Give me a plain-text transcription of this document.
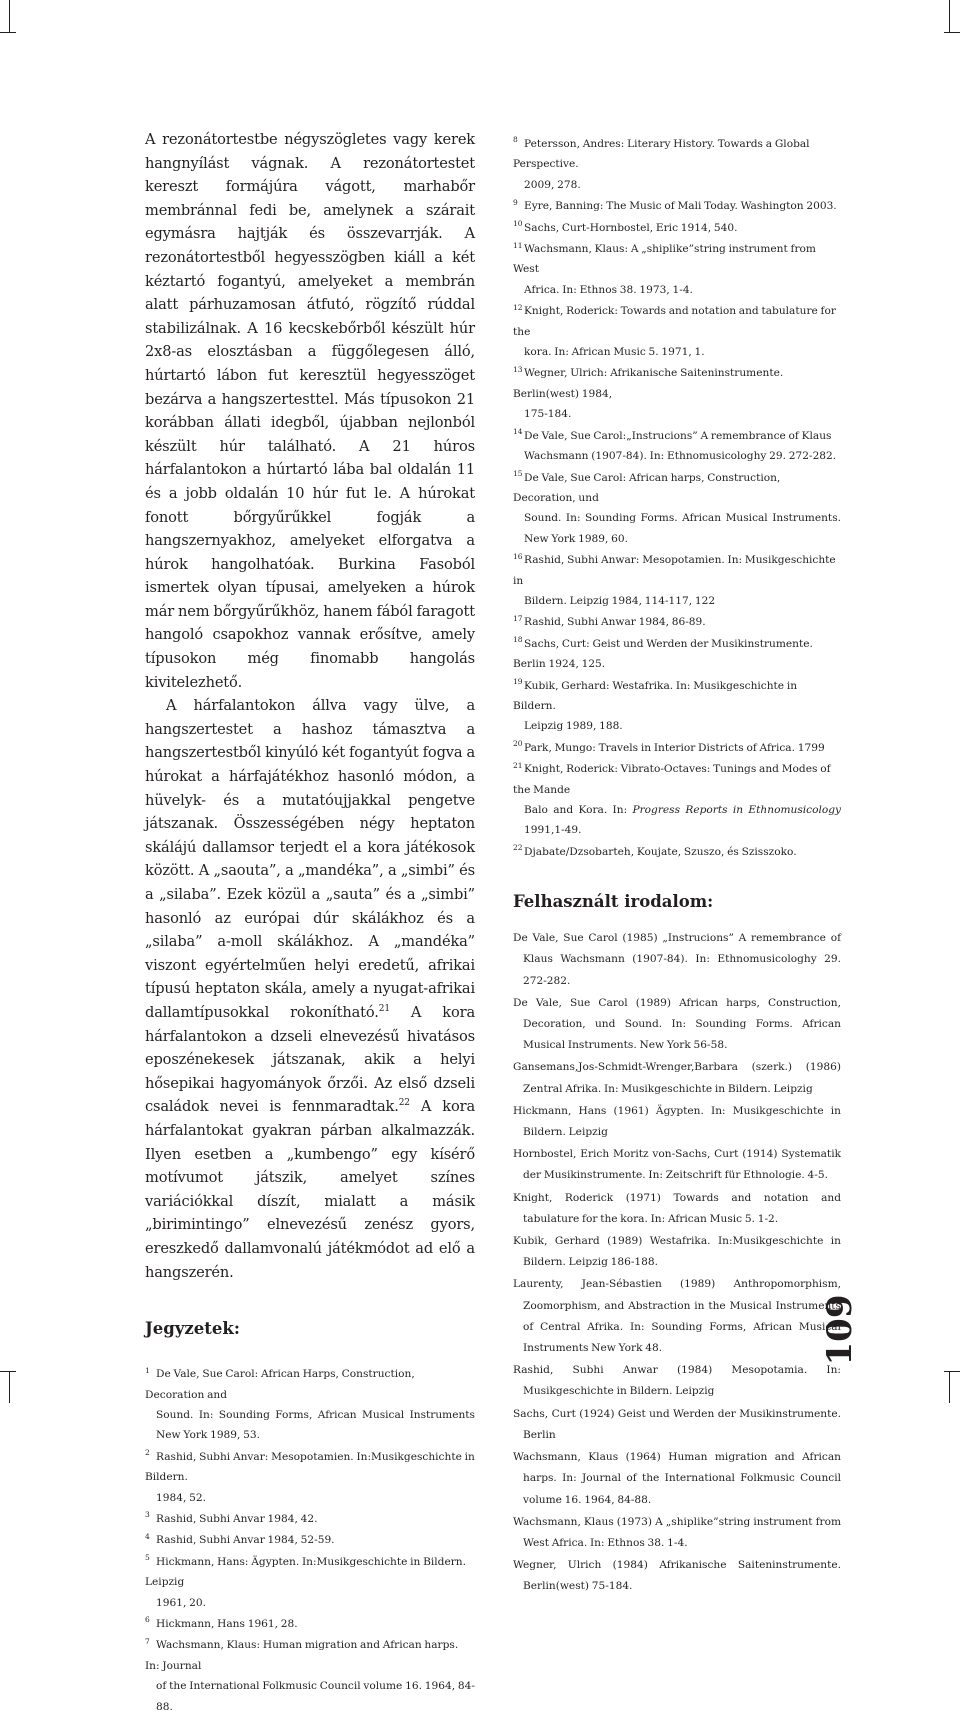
A rezonátortestbe négyszögletes vagy kerek hangnyílást vágnak. A rezonátortestet kereszt formájúra vágott, marhabőr membránnal fedi be, amelynek a szárait egymásra hajtják és összevarrják. A rezonátortestből hegyesszögben kiáll a két kéztartó fogantyú, amelyeket a membrán alatt párhuzamosan átfutó, rögzítő rúddal stabilizálnak. A 16 kecskebőrből készült húr 2x8-as elosztásban a függőlegesen álló, húrtartó lábon fut keresztül hegyesszöget bezárva a hangszertesttel. Más típusokon 21 korábban állati idegből, újabban nejlonból készült húr található. A 21 húros hárfalantokon a húrtartó lába bal oldalán 11 és a jobb oldalán 10 húr fut le. A húrokat fonott bőrgyűrűkkel fogják a hangszernyakhoz, amelyeket elforgatva a húrok hangolhatóak. Burkina Fasoból ismertek olyan típusai, amelyeken a húrok már nem bőrgyűrűkhöz, hanem fából faragott hangoló csapokhoz vannak erősítve, amely típusokon még finomabb hangolás kivitelezhető.

A hárfalantokon állva vagy ülve, a hangszertestet a hashoz támasztva a hangszertestből kinyúló két fogantyút fogva a húrokat a hárfajátékhoz hasonló módon, a hüvelyk- és a mutatóujjakkal pengetve játszanak. Összességében négy heptaton skálájú dallamsor terjedt el a kora játékosok között. A „saouta”, a „mandéka”, a „simbi” és a „silaba”. Ezek közül a „sauta” és a „simbi” hasonló az európai dúr skálákhoz és a „silaba” a-moll skálákhoz. A „mandéka” viszont egyértelműen helyi eredetű, afrikai típusú heptaton skála, amely a nyugat-afrikai dallamtípusokkal rokonítható.$^{21}$ A kora hárfalantokon a dzseli elnevezésű hivatásos eposzénekesek játszanak, akik a helyi hősepikai hagyományok őrzői. Az első dzseli családok nevei is fennmaradtak.$^{22}$ A kora hárfalantokat gyakran párban alkalmazzák. Ilyen esetben a „kumbengo” egy kísérő motívumot játszik, amelyet színes variációkkal díszít, mialatt a másik „birimintingo” elnevezésű zenész gyors, ereszkedő dallamvonalú játékmódot ad elő a hangszerén.

Jegyzetek:
1 De Vale, Sue Carol: African Harps, Construction, Decoration and
Sound. In: Sounding Forms, African Musical Instruments New York 1989, 53.
2 Rashid, Subhi Anvar: Mesopotamien. In:Musikgeschichte in Bildern.
1984, 52.
3 Rashid, Subhi Anvar 1984, 42.
4 Rashid, Subhi Anvar 1984, 52-59.
5 Hickmann, Hans: Ägypten. In:Musikgeschichte in Bildern. Leipzig
1961, 20.
6 Hickmann, Hans 1961, 28.
7 Wachsmann, Klaus: Human migration and African harps. In: Journal
of the International Folkmusic Council volume 16. 1964, 84-88.
8 Petersson, Andres: Literary History. Towards a Global Perspective.
2009, 278.
9 Eyre, Banning: The Music of Mali Today. Washington 2003.
10Sachs, Curt-Hornbostel, Eric 1914, 540.
11Wachsmann, Klaus: A „shiplike”string instrument from West
Africa. In: Ethnos 38. 1973, 1-4.
12Knight, Roderick: Towards and notation and tabulature for the
kora. In: African Music 5. 1971, 1.
13Wegner, Ulrich: Afrikanische Saiteninstrumente. Berlin(west) 1984,
175-184.
14De Vale, Sue Carol:„Instrucions” A remembrance of Klaus
Wachsmann (1907-84). In: Ethnomusicologhy 29. 272-282.
15De Vale, Sue Carol: African harps, Construction, Decoration, und
Sound. In: Sounding Forms. African Musical Instruments. New York 1989, 60.
16Rashid, Subhi Anwar: Mesopotamien. In: Musikgeschichte in
Bildern. Leipzig 1984, 114-117, 122
17Rashid, Subhi Anwar 1984, 86-89.
18Sachs, Curt: Geist und Werden der Musikinstrumente. Berlin 1924, 125.
19Kubik, Gerhard: Westafrika. In: Musikgeschichte in Bildern.
Leipzig 1989, 188.
20Park, Mungo: Travels in Interior Districts of Africa. 1799
21Knight, Roderick: Vibrato-Octaves: Tunings and Modes of the Mande
Balo and Kora. In: Progress Reports in Ethnomusicology 1991,1-49.
22Djabate/Dzsobarteh, Koujate, Szuszo, és Szisszoko.
Felhasznált irodalom:
De Vale, Sue Carol (1985) „Instrucions” A remembrance of Klaus Wachsmann (1907-84). In: Ethnomusicologhy 29. 272-282.
De Vale, Sue Carol (1989) African harps, Construction, Decoration, und Sound. In: Sounding Forms. African Musical Instruments. New York 56-58.
Gansemans,Jos-Schmidt-Wrenger,Barbara (szerk.) (1986) Zentral Afrika. In: Musikgeschichte in Bildern. Leipzig
Hickmann, Hans (1961) Ägypten. In: Musikgeschichte in Bildern. Leipzig
Hornbostel, Erich Moritz von-Sachs, Curt (1914) Systematik der Musikinstrumente. In: Zeitschrift für Ethnologie. 4-5.
Knight, Roderick (1971) Towards and notation and tabulature for the kora. In: African Music 5. 1-2.
Kubik, Gerhard (1989) Westafrika. In:Musikgeschichte in Bildern. Leipzig 186-188.
Laurenty, Jean-Sébastien (1989) Anthropomorphism, Zoomorphism, and Abstraction in the Musical Instruments of Central Afrika. In: Sounding Forms, African Musical Instruments New York 48.
Rashid, Subhi Anwar (1984) Mesopotamia. In: Musikgeschichte in Bildern. Leipzig
Sachs, Curt (1924) Geist und Werden der Musikinstrumente. Berlin
Wachsmann, Klaus (1964) Human migration and African harps. In: Journal of the International Folkmusic Council volume 16. 1964, 84-88.
Wachsmann, Klaus (1973) A „shiplike”string instrument from West Africa. In: Ethnos 38. 1-4.
Wegner, Ulrich (1984) Afrikanische Saiteninstrumente. Berlin(west) 75-184.
109
